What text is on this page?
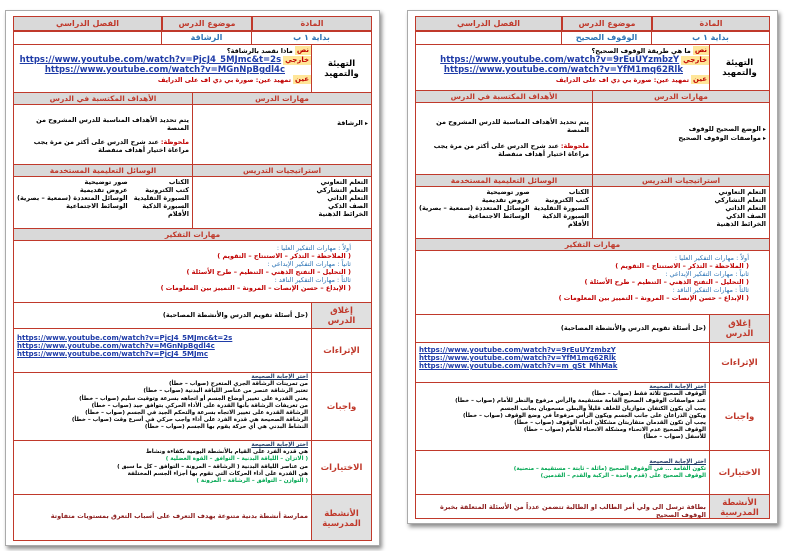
المادة
موضوع الدرس
الفصل الدراسي
بداية ١ ب
الرشاقة
التهيئة والتمهيد
نص
ماذا نقصد بالرشاقة؟
خارجي
https://www.youtube.com/watch?v=PjcJ4_5MJmc&t=2s
https://www.youtube.com/watch?v=MGnNpBgdl4c
عين
تمهيد عين: صورة بي دي اف على الدرايف
مهارات الدرس
الأهداف المكتسبة في الدرس
▸ الرشاقة
يتم تحديد الأهداف المناسبة للدرس المشروح من المنصة
ملحوظة: عند شرح الدرس على أكثر من مرة يجب مراعاة اختيار أهداف منفصلة
استراتيجيات التدريس
الوسائل التعليمية المستخدمة
التعلم التعاوني
التعلم التشاركي
التعلم الذاتي
الصف الذكي
الخرائط الذهنية
الكتاب
كتب الكترونية
السبورة التقليدية
السبورة الذكية
الأقلام
صور توضيحية
عروض تقديمية
الوسائل المتعددة (سمعية – بصرية)
الوسائط الاجتماعية
مهارات التفكير
أولاً : مهارات التفكير العليا :
( الملاحظة – التذكر – الاستنتاج – التقويم )
ثانياً : مهارات التفكير الإبداعي :
( التحليل – التفتح الذهني – التنظيم – طرح الأسئلة )
ثالثاً : مهارات التفكير الناقد :
( الإبداع – حسن الإنصات – المرونة – التمييز بين المعلومات )
إغلاق الدرس
(حل أسئلة تقويم الدرس والأنشطة المصاحبة)
الإثراءات
https://www.youtube.com/watch?v=PjcJ4_5MJmc&t=2s
https://www.youtube.com/watch?v=MGnNpBgdl4c
https://www.youtube.com/watch?v=PjcJ4_5MJmc
واجبات
اختر الإجابة الصحيحة
من تمرينات الرشاقة الجري المتعرج (صواب – خطأ)
تعتبر الرشاقة عنصر من عناصر اللياقة البدنية (صواب – خطأ)
يعني القدرة على تغيير أوضاع الجسم أو اتجاهه بسرعة وتوقيت سليم (صواب – خطأ)
من تعريفات الرشاقة بأنها القدرة على الأداء الحركي بتوافق جيد (صواب – خطأ)
الرشاقة القدرة على تغيير الاتجاه بسرعة والتحكم الجيد في الجسم (صواب – خطأ)
الرشاقة الصحيحة هي قدرة الفرد على أداء واجب حركي في أسرع وقت (صواب – خطأ)
النشاط البدني هي أي حركة يقوم بها الجسم (صواب – خطأ)
الاختيارات
اختر الإجابة الصحيحة
هي قدرة الفرد على القيام بالأنشطة اليومية بكفاءة ونشاط
( الاتزان – اللياقة البدنية – التوافق – القوة العضلية )
من عناصر اللياقة البدنية ( الرشاقة – المرونة – التوافق – كل ما سبق )
هي القدرة على أداء الحركات التي تقوم بها أجزاء الجسم المختلفة
( التوازن – التوافق – الرشاقة – المرونة )
الأنشطة المدرسية
ممارسة أنشطة بدنية متنوعة بهدف التعرف على أسباب التعرق بمستويات متفاوتة
المادة
موضوع الدرس
الفصل الدراسي
بداية ١ ب
الوقوف الصحيح
التهيئة والتمهيد
نص
ما هي طريقة الوقوف الصحيح؟
خارجي
https://www.youtube.com/watch?v=9rEuUYzmbzY
https://www.youtube.com/watch?v=YfM1mq62Rlk
عين
تمهيد عين: صورة بي دي اف على الدرايف
مهارات الدرس
الأهداف المكتسبة في الدرس
▸ الوضع الصحيح للوقوف
▸ مواصفات الوقوف الصحيح
يتم تحديد الأهداف المناسبة للدرس المشروح من المنصة
ملحوظة: عند شرح الدرس على أكثر من مرة يجب مراعاة اختيار أهداف منفصلة
استراتيجيات التدريس
الوسائل التعليمية المستخدمة
التعلم التعاوني
التعلم التشاركي
التعلم الذاتي
الصف الذكي
الخرائط الذهنية
الكتاب
كتب الكترونية
السبورة التقليدية
السبورة الذكية
الأقلام
صور توضيحية
عروض تقديمية
الوسائل المتعددة (سمعية – بصرية)
الوسائط الاجتماعية
مهارات التفكير
أولاً : مهارات التفكير العليا :
( الملاحظة – التذكر – الاستنتاج – التقويم )
ثانياً : مهارات التفكير الإبداعي :
( التحليل – التفتح الذهني – التنظيم – طرح الأسئلة )
ثالثاً : مهارات التفكير الناقد :
( الإبداع – حسن الإنصات – المرونة – التمييز بين المعلومات )
إغلاق الدرس
(حل أسئلة تقويم الدرس والأنشطة المصاحبة)
الإثراءات
https://www.youtube.com/watch?v=9rEuUYzmbzY
https://www.youtube.com/watch?v=YfM1mq62Rlk
https://www.youtube.com/watch?v=m_gSt_MhMak
واجبات
اختر الإجابة الصحيحة
الوقوف الصحيح ثلاثة فقط (صواب – خطأ)
عند مواصفات الوقوف الصحيح القامة مستقيمة والرأس مرفوع والنظر للأمام (صواب – خطأ)
يجب أن يكون الكتفان متوازيان للخلف قليلاً والبطن مسحوبان بجانب الجسم
ويكون الذراعان على جانب الجسم ويكون الرأس مرفوعاً في وضع الوقوف (صواب – خطأ)
يجب أن تكون القدمان متقاربتان مشكلان اتجاه الوقوف (صواب – خطأ)
الوقوف الصحيح عدم الانحناء ومشكلة الانحناء للأمام (صواب – خطأ)
للأسفل (صواب – خطأ)
الاختيارات
اختر الإجابة الصحيحة
تكون القامة ... في الوقوف الصحيح (مائلة – ثابتة – مستقيمة – منحنية)
الوقوف الصحيح على (قدم واحدة – الركبة والقدم – القدمين)
الأنشطة المدرسية
بطاقة ترسل الى ولي أمر الطالب او الطالبة تتضمن عدداً من الأسئلة المتعلقة بخبرة الوقوف الصحيح
